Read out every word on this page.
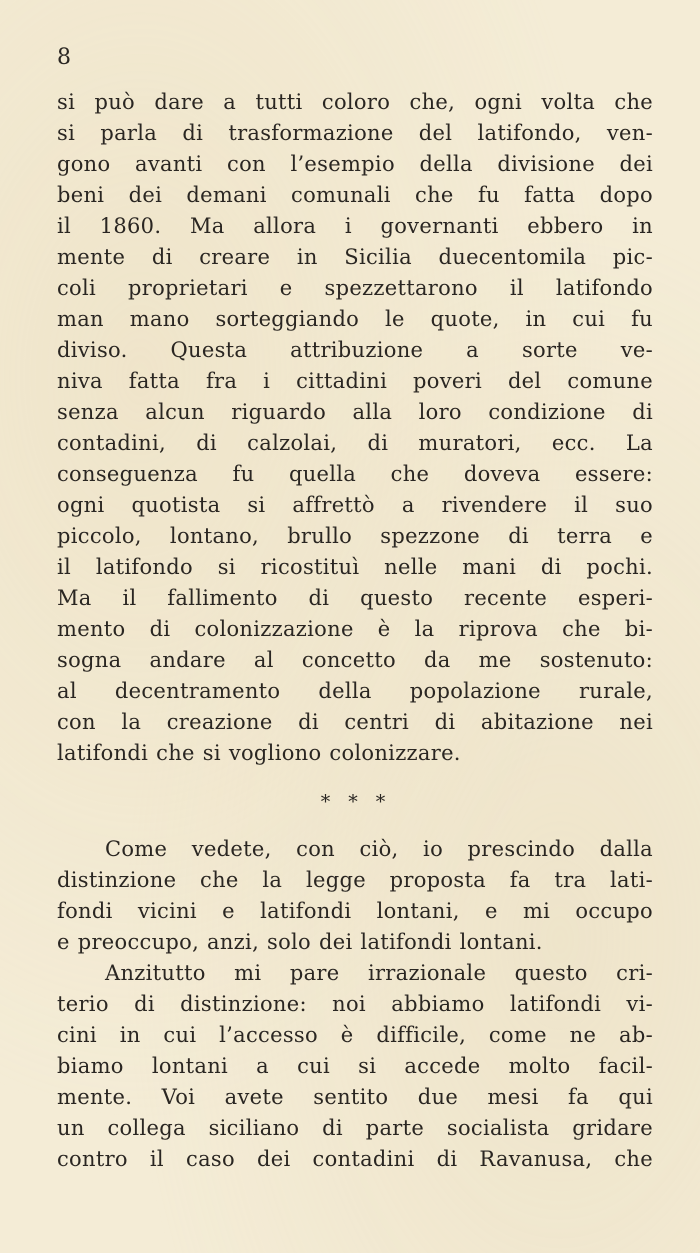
8
si può dare a tutti coloro che, ogni volta che
si parla di trasformazione del latifondo, ven-
gono avanti con l’esempio della divisione dei
beni dei demani comunali che fu fatta dopo
il 1860. Ma allora i governanti ebbero in
mente di creare in Sicilia duecentomila pic-
coli proprietari e spezzettarono il latifondo
man mano sorteggiando le quote, in cui fu
diviso. Questa attribuzione a sorte ve-
niva fatta fra i cittadini poveri del comune
senza alcun riguardo alla loro condizione di
contadini, di calzolai, di muratori, ecc. La
conseguenza fu quella che doveva essere:
ogni quotista si affrettò a rivendere il suo
piccolo, lontano, brullo spezzone di terra e
il latifondo si ricostituì nelle mani di pochi.
Ma il fallimento di questo recente esperi-
mento di colonizzazione è la riprova che bi-
sogna andare al concetto da me sostenuto:
al decentramento della popolazione rurale,
con la creazione di centri di abitazione nei
latifondi che si vogliono colonizzare.
* * *
Come vedete, con ciò, io prescindo dalla
distinzione che la legge proposta fa tra lati-
fondi vicini e latifondi lontani, e mi occupo
e preoccupo, anzi, solo dei latifondi lontani.
Anzitutto mi pare irrazionale questo cri-
terio di distinzione: noi abbiamo latifondi vi-
cini in cui l’accesso è difficile, come ne ab-
biamo lontani a cui si accede molto facil-
mente. Voi avete sentito due mesi fa qui
un collega siciliano di parte socialista gridare
contro il caso dei contadini di Ravanusa, che
